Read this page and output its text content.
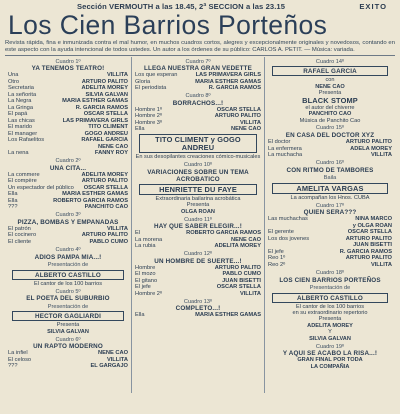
Sección VERMOUTH a las 18.45, 2ª SECCION a las 23.15	EXITO
Los Cien Barrios Porteños
Revista rápida, fina e inmunizada contra el mal humor, en muchos cuadros cortos, alegres y excepcionalmente originales y novedosos, contando en este aspecto con la ayuda intencional de todos ustedes. Un autor a los órdenes de su público: CARLOS A. PETIT. — Música: variada.
Cuadro 1º
YA TENEMOS TEATRO!
Una	VILLITA
Otro	ARTURO PALITO
Secretaria	ADELITA MOREY
La señorita	SILVIA GALVAN
La Negra	MARIA ESTHER GAMAS
La Gringa	R. GARCIA RAMOS
El papá	OSCAR STELLA
Las chicas	LAS PRIMAVERA GIRLS
El marido	TITO CLIMENT
El manager	GOGO ANDREU
Los Rafaelitos	RAFAEL GARCIA
NENE CAO
La nena	FANNY ROY
Cuadro 2º
UNA CITA...
La commere	ADELITA MOREY
El compère	ARTURO PALITO
Un espectador del público OSCAR STELLA
Ella	MARIA ESTHER GAMAS
Ella	ROBERTO GARCIA RAMOS
???	PANCHITO CAO
Cuadro 3º
PIZZA, BOMBAS Y EMPANADAS
El patrón	VILLITA
El cocinero	ARTURO PALITO
El cliente	PABLO CUMO
Cuadro 4º
ADIOS PAMPA MIA...!
Presentación de
ALBERTO CASTILLO
El cantor de los 100 barrios
Cuadro 5º
EL POETA DEL SUBURBIO
Presentación de
HECTOR GAGLIARDI
Presenta
SILVIA GALVAN
Cuadro 6º
UN RAPTO MODERNO
La infiel	NENE CAO
El celoso	VILLITA
???	EL GARGAJO
Cuadro 7º
LLEGA NUESTRA GRAN VEDETTE
Los que esperan	LAS PRIMAVERA GIRLS
Gloria	MARIA ESTHER GAMAS
El periodista	R. GARCIA RAMOS
Cuadro 8º
BORRACHOS...!
Hombre 1º	OSCAR STELLA
Hombre 2º	ARTURO PALITO
Hombre 3º	VILLITA
Ella	NENE CAO
TITO CLIMENT y GOGO ANDREU
En sus desopilantes creaciones cómico-musicales
Cuadro 10º
VARIACIONES SOBRE UN TEMA ACROBATICO
HENRIETTE DU FAYE
Extraordinaria bailarina acrobática
Presenta
OLGA ROAN
Cuadro 11º
HAY QUE SABER ELEGIR...!
El	ROBERTO GARCIA RAMOS
La morena	NENE CAO
La rubia	ADELITA MOREY
Cuadro 12º
UN HOMBRE DE SUERTE...!
Hombre	ARTURO PALITO
El mozo	PABLO CUMO
El gitano	JUAN BISETTI
El jefe	OSCAR STELLA
Hombre 2º	VILLITA
Cuadro 13º
COMPLETO...!
Ella	MARIA ESTHER GAMAS
Cuadro 14º
RAFAEL GARCIA
con
NENE CAO
Presenta
BLACK STOMP
el autor del chiverre
PANCHITO CAO
Música de Panchito Cao
Cuadro 15º
EN CASA DEL DOCTOR XYZ
El doctor	ARTURO PALITO
La enfermera	ADELA MOREY
La muchacha	VILLITA
Cuadro 16º
CON RITMO DE TAMBORES
Baila
AMELITA VARGAS
La acompañan los Hnos. CUBA
Cuadro 17º
QUIEN SERA???
Las muchachas	NINA MARCO
y OLGA ROAN
El gerente	OSCAR STELLA
Los dos jovenes	ARTURO PALITO
JUAN BISETTI
El jefe	R. GARCIA RAMOS
Reo 1º	ARTURO PALITO
Reo 2º	VILLITA
Cuadro 18º
LOS CIEN BARRIOS PORTEÑOS
Presentación de
ALBERTO CASTILLO
El cantor de los 100 barrios
en su extraordinario repertorio
Presenta
ADELITA MOREY
Y
SILVIA GALVAN
Cuadro 19º
Y AQUI SE ACABO LA RISA...!
GRAN FINAL POR TODA
LA COMPAÑIA
